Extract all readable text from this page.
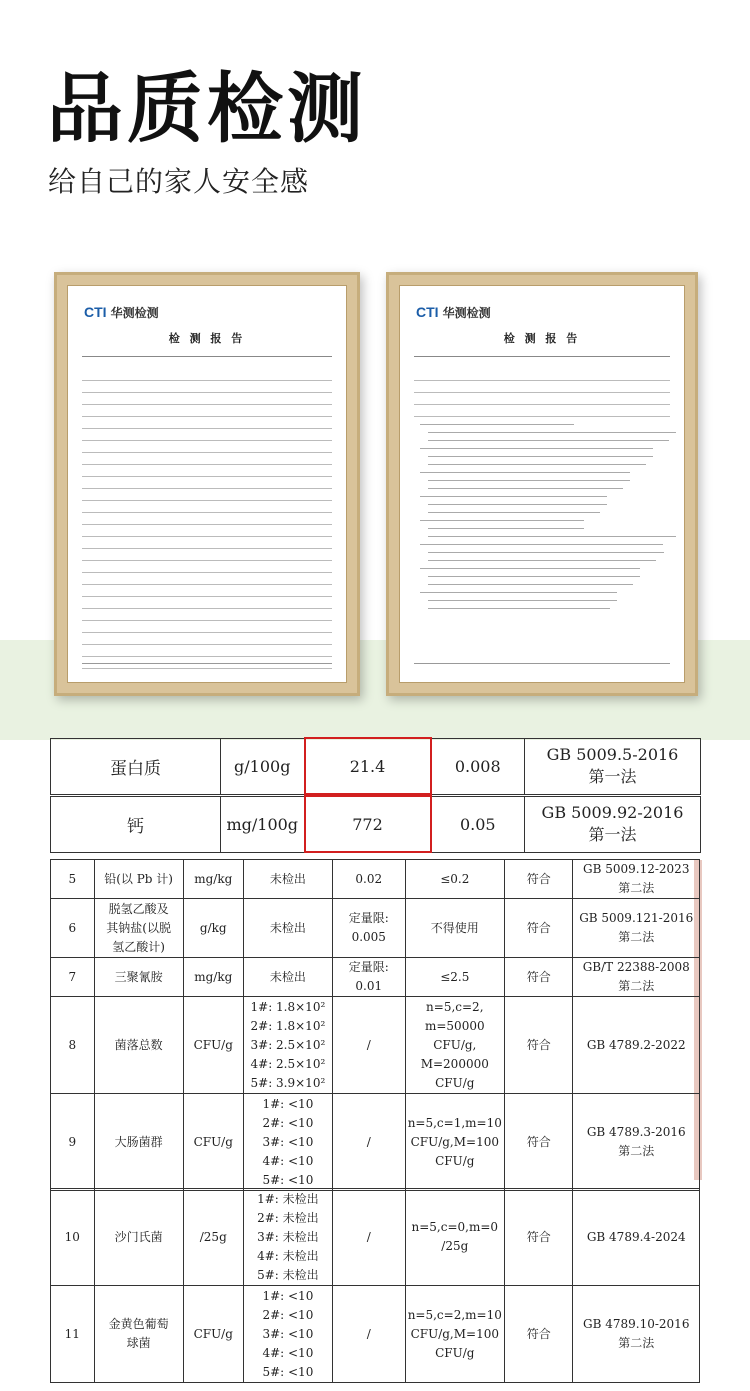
品质检测
给自己的家人安全感
CTI 华测检测
检 测 报 告
CTI 华测检测
检 测 报 告
蛋白质	g/100g	21.4	0.008	GB 5009.5-2016
第一法
钙	mg/100g	772	0.05	GB 5009.92-2016
第一法
5	铅(以 Pb 计)	mg/kg	未检出	0.02	≤0.2	符合	GB 5009.12-2023
第二法
6	脱氢乙酸及
其钠盐(以脱
氢乙酸计)	g/kg	未检出	定量限:
0.005	不得使用	符合	GB 5009.121-2016
第二法
7	三聚氰胺	mg/kg	未检出	定量限:
0.01	≤2.5	符合	GB/T 22388-2008
第二法
8	菌落总数	CFU/g	1#: 1.8×10²
2#: 1.8×10²
3#: 2.5×10²
4#: 2.5×10²
5#: 3.9×10²	/	n=5,c=2,
m=50000
CFU/g,
M=200000
CFU/g	符合	GB 4789.2-2022
9	大肠菌群	CFU/g	1#: <10
2#: <10
3#: <10
4#: <10
5#: <10	/	n=5,c=1,m=10
CFU/g,M=100
CFU/g	符合	GB 4789.3-2016
第二法
10	沙门氏菌	/25g	1#: 未检出
2#: 未检出
3#: 未检出
4#: 未检出
5#: 未检出	/	n=5,c=0,m=0
/25g	符合	GB 4789.4-2024
11	金黄色葡萄
球菌	CFU/g	1#: <10
2#: <10
3#: <10
4#: <10
5#: <10	/	n=5,c=2,m=10
CFU/g,M=100
CFU/g	符合	GB 4789.10-2016
第二法
